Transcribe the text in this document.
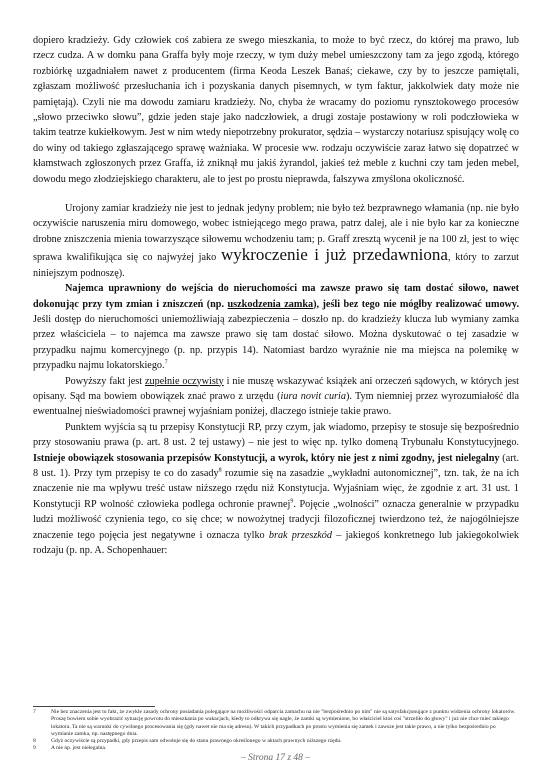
dopiero kradzieży. Gdy człowiek coś zabiera ze swego mieszkania, to może to być rzecz, do której ma prawo, lub rzecz cudza. A w domku pana Graffa były moje rzeczy, w tym duży mebel umieszczony tam za jego zgodą, którego rozbiórkę uzgadniałem nawet z producentem (firma Keoda Leszek Banaś; ciekawe, czy by to jeszcze pamiętali, zgłaszam możliwość przesłuchania ich i pozyskania danych pisemnych, w tym faktur, jakkolwiek daty może nie pamiętają). Czyli nie ma dowodu zamiaru kradzieży. No, chyba że wracamy do poziomu rynsztokowego procesów „słowo przeciwko słowu”, gdzie jeden staje jako nadczłowiek, a drugi zostaje postawiony w roli podczłowieka w takim teatrze kukiełkowym. Jest w nim wtedy niepotrzebny prokurator, sędzia – wystarczy notariusz spisujący wolę co do winy od takiego zgłaszającego sprawę ważniaka. W procesie ww. rodzaju oczywiście zaraz łatwo się dopatrzeć w kłamstwach zgłoszonych przez Graffa, iż zniknął mu jakiś żyrandol, jakieś też meble z kuchni czy tam jeden mebel, dowodu mego złodziejskiego charakteru, ale to jest po prostu nieprawda, fałszywa zmyślona okoliczność.

Urojony zamiar kradzieży nie jest to jednak jedyny problem; nie było też bezprawnego włamania (np. nie było oczywiście naruszenia miru domowego, wobec istniejącego mego prawa, patrz dalej, ale i nie było kar za konieczne drobne zniszczenia mienia towarzyszące siłowemu wchodzeniu tam; p. Graff zresztą wycenił je na 100 zł, jest to więc sprawa kwalifikująca się co najwyżej jako wykroczenie i już przedawniona, który to zarzut niniejszym podnoszę).

Najemca uprawniony do wejścia do nieruchomości ma zawsze prawo się tam dostać siłowo, nawet dokonując przy tym zmian i zniszczeń (np. uszkodzenia zamka), jeśli bez tego nie mógłby realizować umowy. Jeśli dostęp do nieruchomości uniemożliwiają zabezpieczenia – doszło np. do kradzieży klucza lub wymiany zamka przez właściciela – to najemca ma zawsze prawo się tam dostać siłowo. Można dyskutować o tej zasadzie w przypadku najmu komercyjnego (p. np. przypis 14). Natomiast bardzo wyraźnie nie ma miejsca na polemikę w przypadku najmu lokatorskiego.$^7$

Powyższy fakt jest zupełnie oczywisty i nie muszę wskazywać książek ani orzeczeń sądowych, w których jest opisany. Sąd ma bowiem obowiązek znać prawo z urzędu (iura novit curia). Tym niemniej przez wyrozumiałość dla ewentualnej nieświadomości prawnej wyjaśniam poniżej, dlaczego istnieje takie prawo.

Punktem wyjścia są tu przepisy Konstytucji RP, przy czym, jak wiadomo, przepisy te stosuje się bezpośrednio przy stosowaniu prawa (p. art. 8 ust. 2 tej ustawy) – nie jest to więc np. tylko domeną Trybunału Konstytucyjnego. Istnieje obowiązek stosowania przepisów Konstytucji, a wyrok, który nie jest z nimi zgodny, jest nielegalny (art. 8 ust. 1). Przy tym przepisy te co do zasady$^8$ rozumie się na zasadzie „wykładni autonomicznej”, tzn. tak, że na ich znaczenie nie ma wpływu treść ustaw niższego rzędu niż Konstytucja. Wyjaśniam więc, że zgodnie z art. 31 ust. 1 Konstytucji RP wolność człowieka podlega ochronie prawnej$^9$. Pojęcie „wolności” oznacza generalnie w przypadku ludzi możliwość czynienia tego, co się chce; w nowożytnej tradycji filozoficznej twierdzono też, że najogólniejsze znaczenie tego pojęcia jest negatywne i oznacza tylko brak przeszkód – jakiegoś konkretnego lub jakiegokolwiek rodzaju (p. np. A. Schopenhauer:

7	Nie bez znaczenia jest tu fakt, że zwykle zasady ochrony posiadania polegające na możliwości odparcia zamachu na nie "bezpośrednio po nim" nie są satysfakcjonujące z punktu widzenia ochrony lokatorów. Proszę bowiem sobie wyobrazić sytuację powrotu do mieszkania po wakacjach, kiedy to odkrywa się nagle, że zamki są wymienione, bo właściciel ktoś coś "strzeliło do głowy" i już nie chce mieć takiego lokatora. Ta nie są warunki do cywilnego procesowania się (gdy nawet nie ma się adresu). W takich przypadkach po prostu wymienia się zamek i zawsze jest takie prawo, a nie tylko bezpośrednio po wymianie zamka, np. następnego dnia.
8	Gdyż oczywiście są przypadki, gdy przepis sam odwołuje się do stanu prawnego określonego w aktach prawnych niższego rzędu.
9	A nie np. jest nielegalna.
– Strona 17 z 48 –
